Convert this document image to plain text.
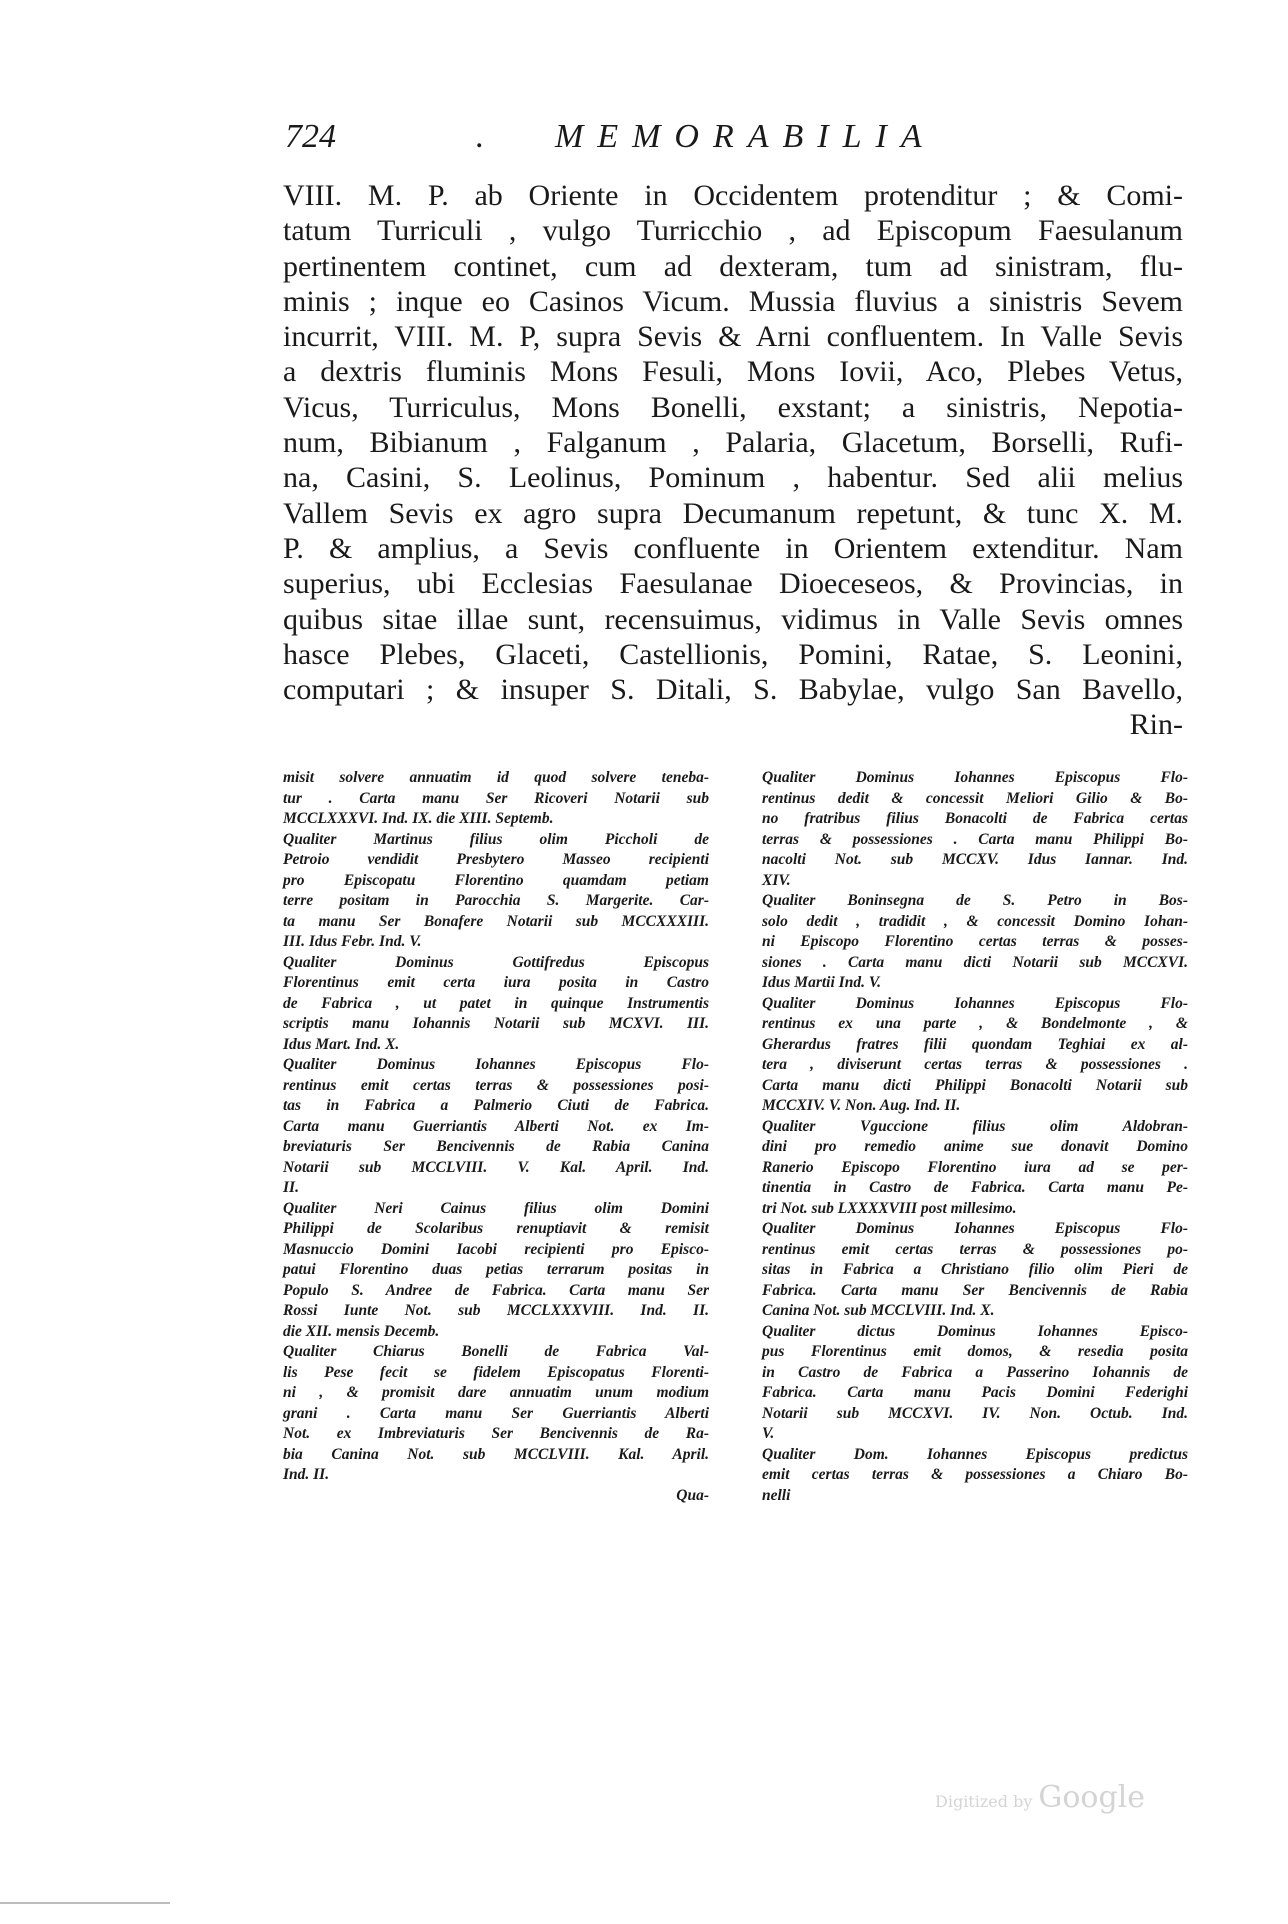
724	. MEMORABILIA
VIII. M. P. ab Oriente in Occidentem protenditur ; & Comi-
tatum Turriculi , vulgo Turricchio , ad Episcopum Faesulanum
pertinentem continet, cum ad dexteram, tum ad sinistram, flu-
minis ; inque eo Casinos Vicum. Mussia fluvius a sinistris Sevem
incurrit, VIII. M. P, supra Sevis & Arni confluentem. In Valle Sevis
a dextris fluminis Mons Fesuli, Mons Iovii, Aco, Plebes Vetus,
Vicus, Turriculus, Mons Bonelli, exstant; a sinistris, Nepotia-
num, Bibianum , Falganum , Palaria, Glacetum, Borselli, Rufi-
na, Casini, S. Leolinus, Pominum , habentur. Sed alii melius
Vallem Sevis ex agro supra Decumanum repetunt, & tunc X. M.
P. & amplius, a Sevis confluente in Orientem extenditur. Nam
superius, ubi Ecclesias Faesulanae Dioeceseos, & Provincias, in
quibus sitae illae sunt, recensuimus, vidimus in Valle Sevis omnes
hasce Plebes, Glaceti, Castellionis, Pomini, Ratae, S. Leonini,
computari ; & insuper S. Ditali, S. Babylae, vulgo San Bavello,
Rin-
misit solvere annuatim id quod solvere teneba-
tur . Carta manu Ser Ricoveri Notarii sub
MCCLXXXVI. Ind. IX. die XIII. Septemb.
Qualiter Martinus filius olim Piccholi de
Petroio vendidit Presbytero Masseo recipienti
pro Episcopatu Florentino quamdam petiam
terre positam in Parocchia S. Margerite. Car-
ta manu Ser Bonafere Notarii sub MCCXXXIII.
III. Idus Febr. Ind. V.
Qualiter Dominus Gottifredus Episcopus
Florentinus emit certa iura posita in Castro
de Fabrica , ut patet in quinque Instrumentis
scriptis manu Iohannis Notarii sub MCXVI. III.
Idus Mart. Ind. X.
Qualiter Dominus Iohannes Episcopus Flo-
rentinus emit certas terras & possessiones posi-
tas in Fabrica a Palmerio Ciuti de Fabrica.
Carta manu Guerriantis Alberti Not. ex Im-
breviaturis Ser Bencivennis de Rabia Canina
Notarii sub MCCLVIII. V. Kal. April. Ind.
II.
Qualiter Neri Cainus filius olim Domini
Philippi de Scolaribus renuptiavit & remisit
Masnuccio Domini Iacobi recipienti pro Episco-
patui Florentino duas petias terrarum positas in
Populo S. Andree de Fabrica. Carta manu Ser
Rossi Iunte Not. sub MCCLXXXVIII. Ind. II.
die XII. mensis Decemb.
Qualiter Chiarus Bonelli de Fabrica Val-
lis Pese fecit se fidelem Episcopatus Florenti-
ni , & promisit dare annuatim unum modium
grani . Carta manu Ser Guerriantis Alberti
Not. ex Imbreviaturis Ser Bencivennis de Ra-
bia Canina Not. sub MCCLVIII. Kal. April.
Ind. II.
Qua-
Qualiter Dominus Iohannes Episcopus Flo-
rentinus dedit & concessit Meliori Gilio & Bo-
no fratribus filius Bonacolti de Fabrica certas
terras & possessiones . Carta manu Philippi Bo-
nacolti Not. sub MCCXV. Idus Iannar. Ind.
XIV.
Qualiter Boninsegna de S. Petro in Bos-
solo dedit , tradidit , & concessit Domino Iohan-
ni Episcopo Florentino certas terras & posses-
siones . Carta manu dicti Notarii sub MCCXVI.
Idus Martii Ind. V.
Qualiter Dominus Iohannes Episcopus Flo-
rentinus ex una parte , & Bondelmonte , &
Gherardus fratres filii quondam Teghiai ex al-
tera , diviserunt certas terras & possessiones .
Carta manu dicti Philippi Bonacolti Notarii sub
MCCXIV. V. Non. Aug. Ind. II.
Qualiter Vguccione filius olim Aldobran-
dini pro remedio anime sue donavit Domino
Ranerio Episcopo Florentino iura ad se per-
tinentia in Castro de Fabrica. Carta manu Pe-
tri Not. sub LXXXXVIII post millesimo.
Qualiter Dominus Iohannes Episcopus Flo-
rentinus emit certas terras & possessiones po-
sitas in Fabrica a Christiano filio olim Pieri de
Fabrica. Carta manu Ser Bencivennis de Rabia
Canina Not. sub MCCLVIII. Ind. X.
Qualiter dictus Dominus Iohannes Episco-
pus Florentinus emit domos, & resedia posita
in Castro de Fabrica a Passerino Iohannis de
Fabrica. Carta manu Pacis Domini Federighi
Notarii sub MCCXVI. IV. Non. Octub. Ind.
V.
Qualiter Dom. Iohannes Episcopus predictus
emit certas terras & possessiones a Chiaro Bo-
nelli
Digitized by Google
